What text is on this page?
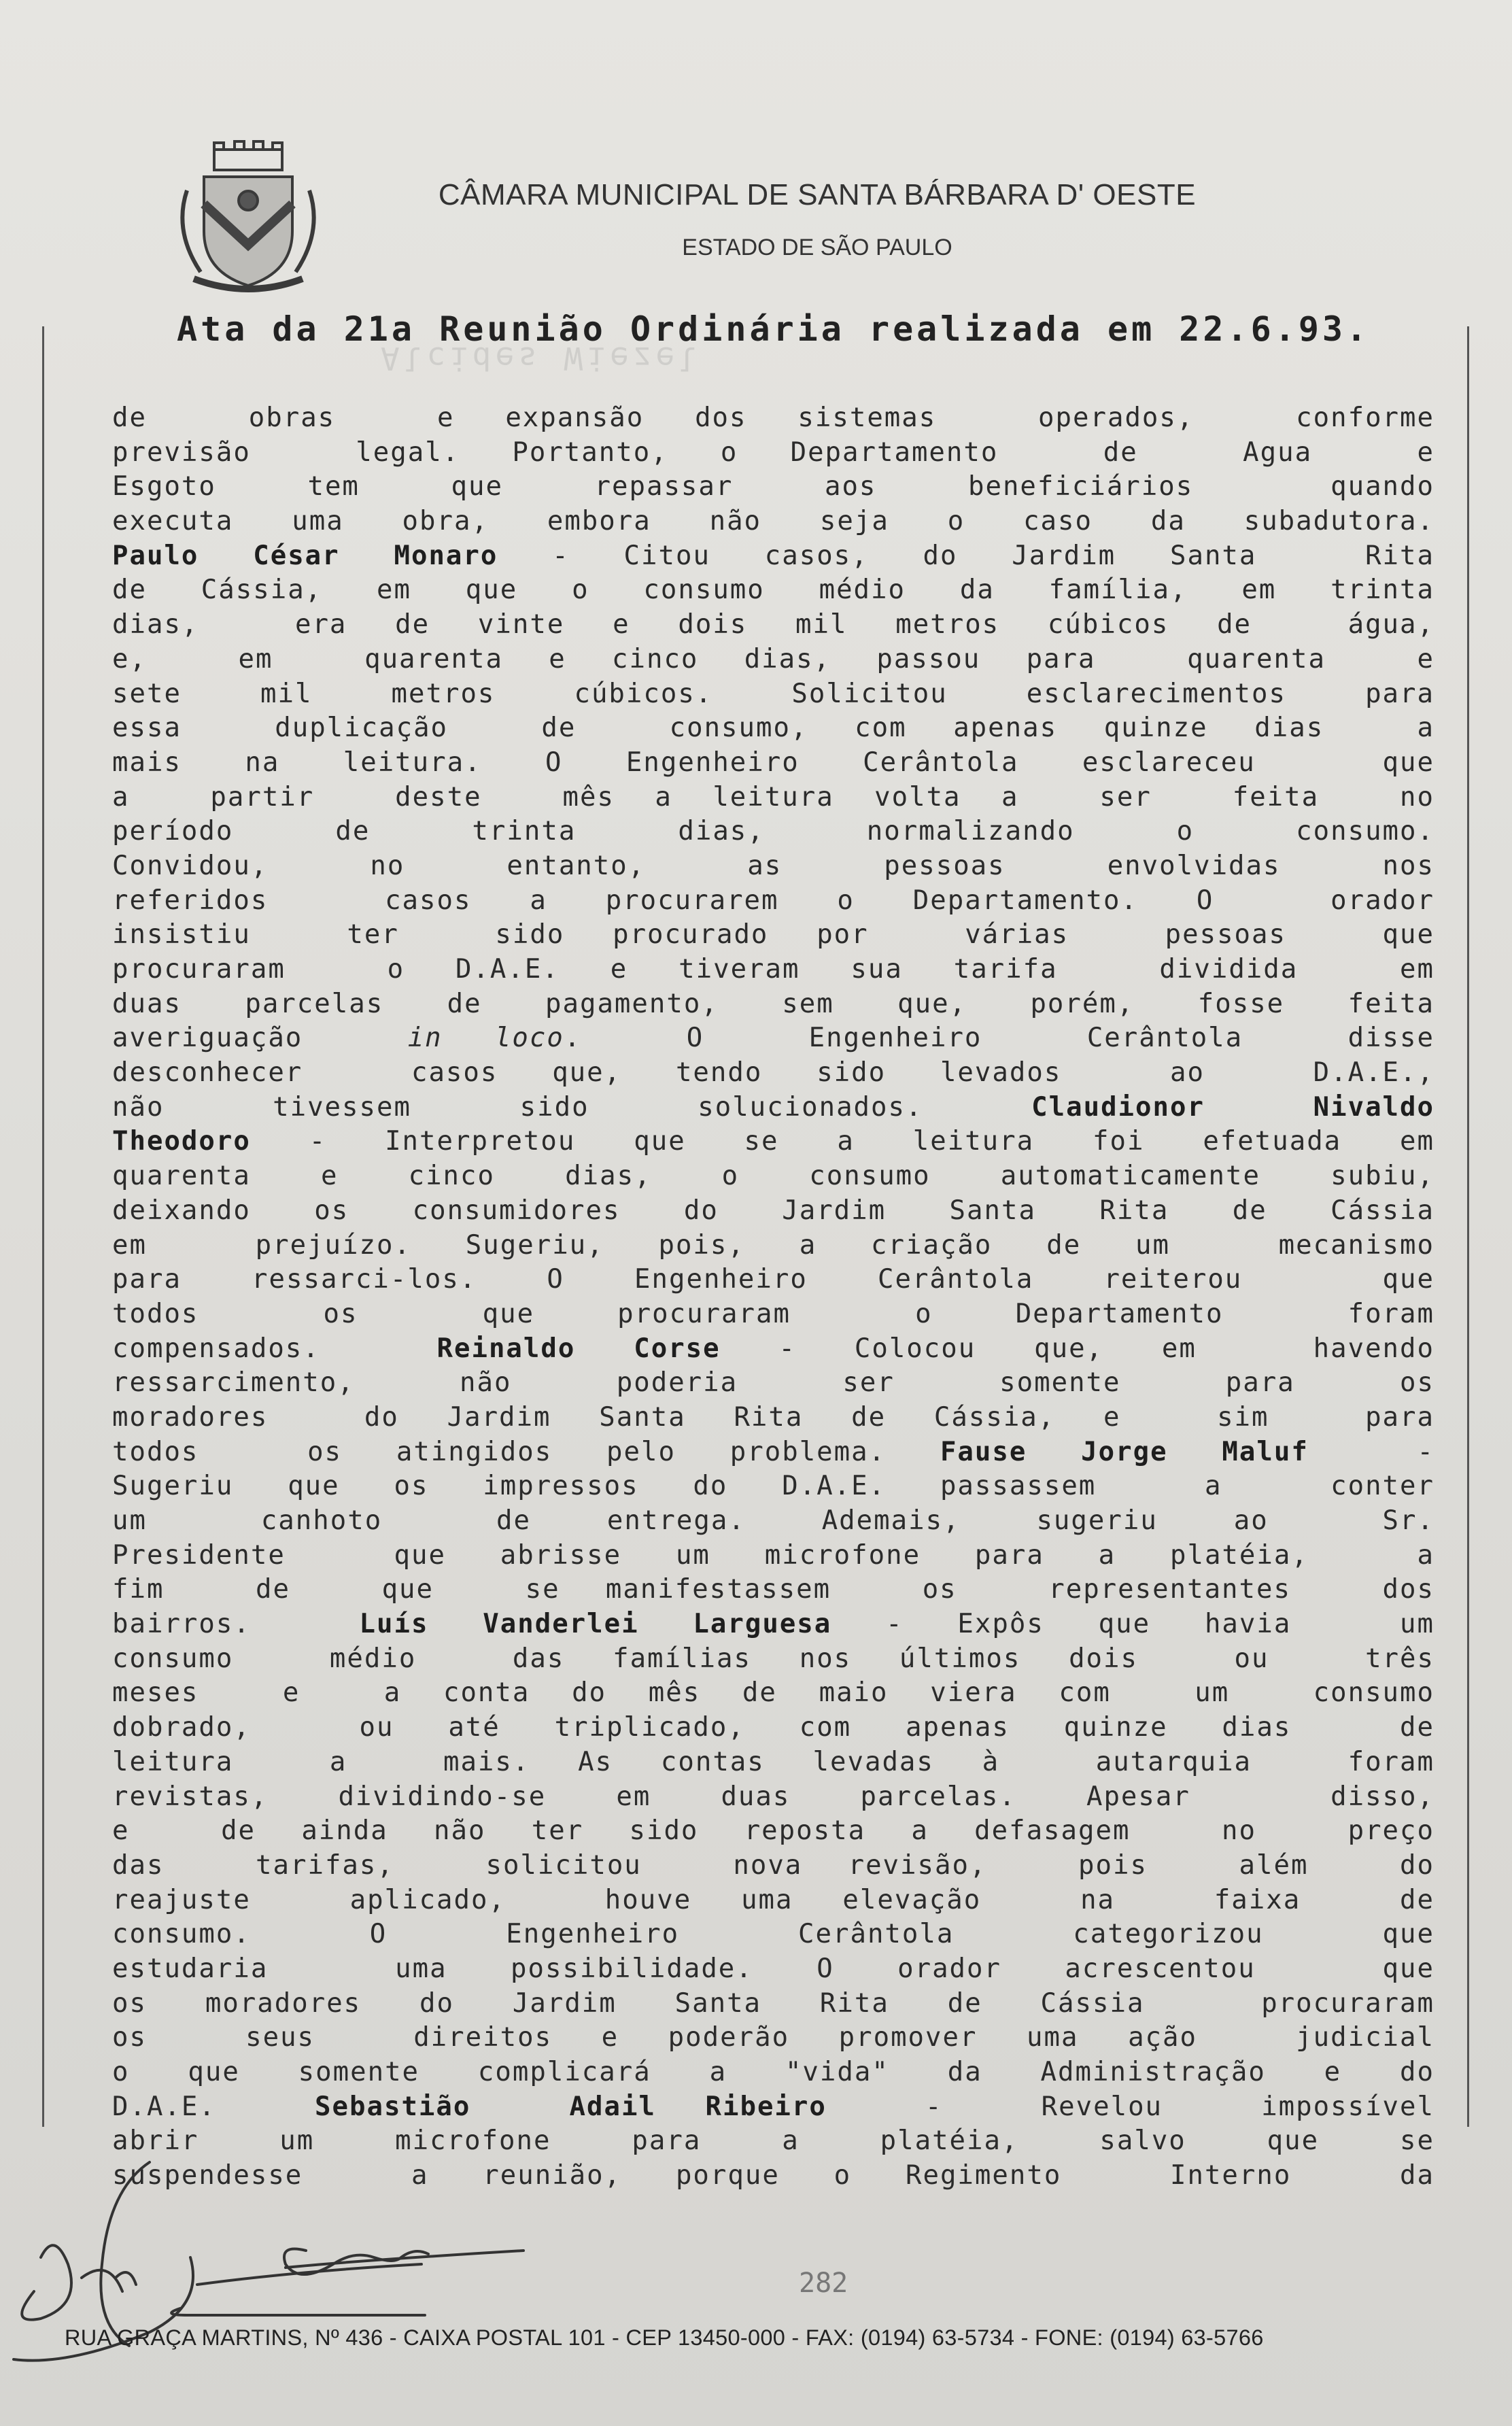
CÂMARA MUNICIPAL DE SANTA BÁRBARA D' OESTE
ESTADO DE SÃO PAULO
Alcides Wiezel
Ata da 21a Reunião Ordinária realizada em 22.6.93.
de  obras  e expansão dos sistemas  operados,  conforme
previsão  legal. Portanto, o Departamento  de  Agua  e
Esgoto  tem  que  repassar  aos  beneficiários   quando
executa uma obra, embora não seja o caso da subadutora.
Paulo César Monaro - Citou casos, do Jardim Santa  Rita
de Cássia, em que o consumo médio da família, em trinta
dias,  era de vinte e dois mil metros cúbicos de  água,
e,  em  quarenta e cinco dias, passou para  quarenta  e
sete mil metros cúbicos. Solicitou esclarecimentos para
essa  duplicação  de  consumo, com apenas quinze dias  a
mais na leitura. O Engenheiro Cerântola esclareceu  que
a  partir  deste  mês a leitura volta a  ser  feita  no
período  de  trinta  dias,  normalizando  o  consumo.
Convidou,  no  entanto,  as  pessoas  envolvidas  nos
referidos  casos a procurarem o Departamento. O  orador
insistiu  ter  sido procurado por  várias  pessoas  que
procuraram  o D.A.E. e tiveram sua tarifa  dividida  em
duas parcelas de pagamento, sem que, porém, fosse feita
averiguação  in loco.  O  Engenheiro  Cerântola  disse
desconhecer  casos que, tendo sido levados  ao  D.A.E.,
não  tivessem  sido  solucionados.  Claudionor  Nivaldo
Theodoro - Interpretou que se a leitura foi efetuada em
quarenta e cinco dias, o consumo automaticamente subiu,
deixando os consumidores do Jardim Santa Rita de Cássia
em  prejuízo. Sugeriu, pois, a criação de um  mecanismo
para ressarci-los. O Engenheiro Cerântola reiterou  que
todos   os   que  procuraram   o  Departamento   foram
compensados.  Reinaldo Corse - Colocou que, em  havendo
ressarcimento,  não  poderia  ser  somente  para  os
moradores  do Jardim Santa Rita de Cássia, e  sim  para
todos  os atingidos pelo problema. Fause Jorge Maluf  -
Sugeriu que os impressos do D.A.E. passassem  a  conter
um   canhoto   de  entrega.  Ademais,  sugeriu  ao   Sr.
Presidente  que abrisse um microfone para a platéia,  a
fim  de  que  se manifestassem  os  representantes  dos
bairros.  Luís Vanderlei Larguesa - Expôs que havia  um
consumo  médio  das famílias nos últimos dois  ou  três
meses  e  a conta do mês de maio viera com  um  consumo
dobrado,  ou até triplicado, com apenas quinze dias  de
leitura  a  mais. As contas levadas à  autarquia  foram
revistas, dividindo-se em duas parcelas. Apesar  disso,
e  de ainda não ter sido reposta a defasagem  no  preço
das  tarifas,  solicitou  nova revisão,  pois  além  do
reajuste  aplicado,  houve uma elevação  na  faixa  de
consumo.  O  Engenheiro  Cerântola  categorizou  que
estudaria  uma possibilidade. O orador acrescentou  que
os moradores do Jardim Santa Rita de Cássia  procuraram
os  seus  direitos e poderão promover uma ação  judicial
o que somente complicará a "vida" da Administração e do
D.A.E.  Sebastião  Adail Ribeiro  -  Revelou  impossível
abrir  um  microfone  para  a  platéia,  salvo  que  se
suspendesse  a reunião, porque o Regimento  Interno  da
282
RUA GRAÇA MARTINS, Nº 436 - CAIXA POSTAL 101 - CEP 13450-000 - FAX: (0194) 63-5734 - FONE: (0194) 63-5766
